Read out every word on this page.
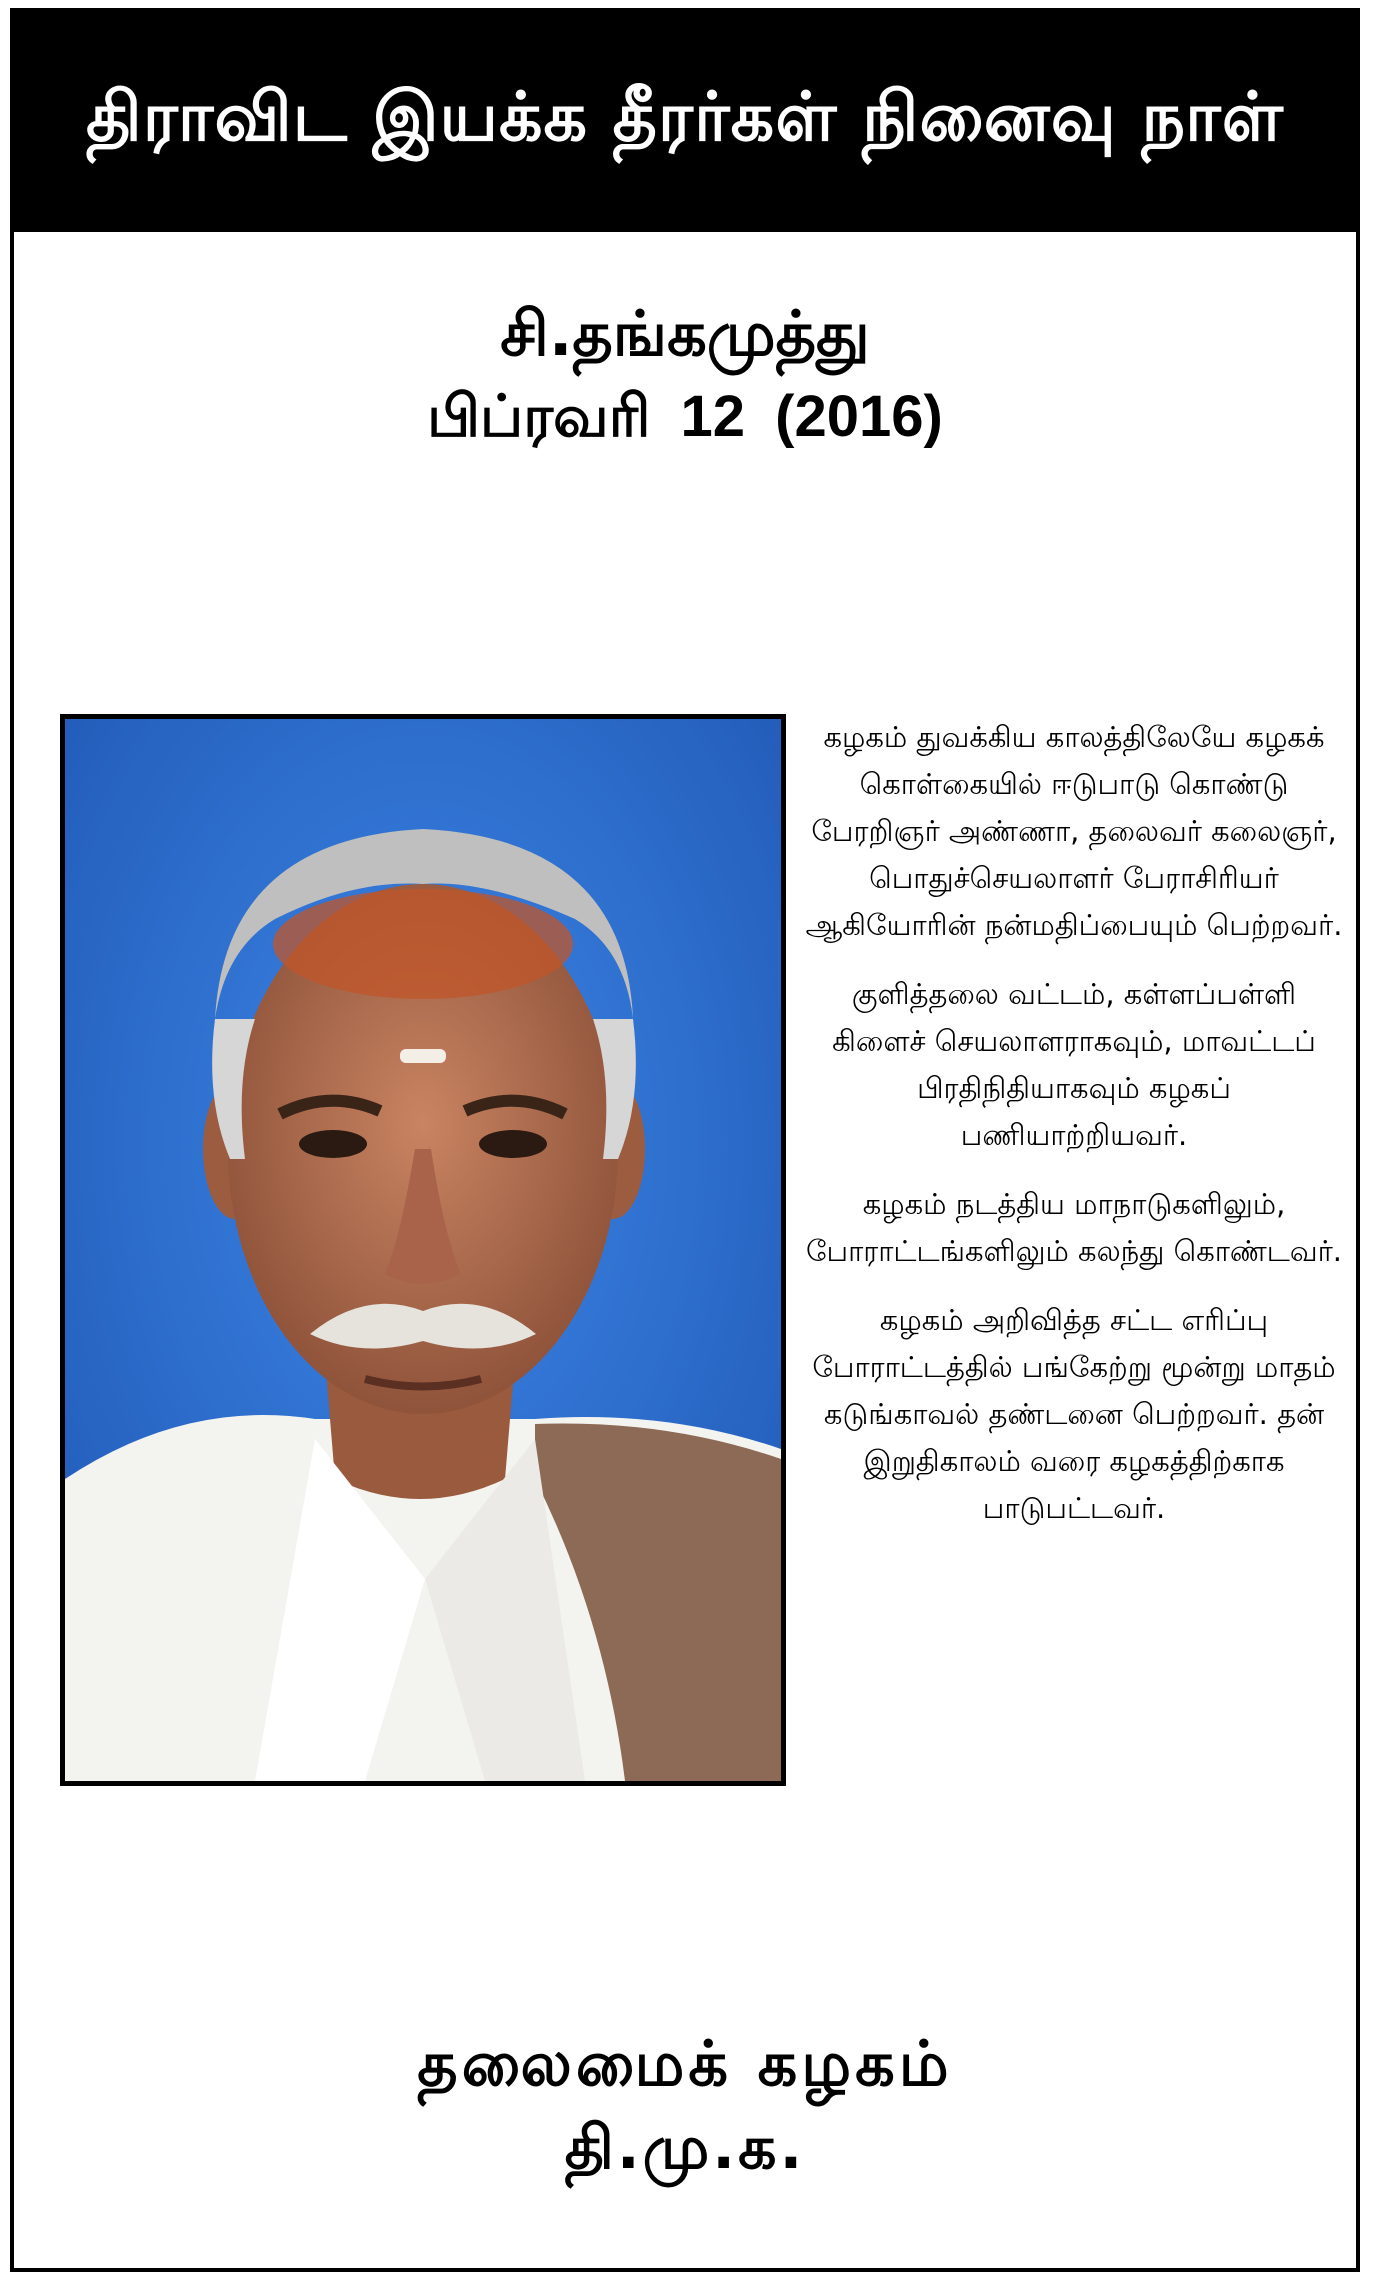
திராவிட இயக்க தீரர்கள் நினைவு நாள்
சி.தங்கமுத்து
பிப்ரவரி 12 (2016)

கழகம் துவக்கிய காலத்திலேயே கழகக் கொள்கையில் ஈடுபாடு கொண்டு பேரறிஞர் அண்ணா, தலைவர் கலைஞர், பொதுச்செயலாளர் பேராசிரியர் ஆகியோரின் நன்மதிப்பையும் பெற்றவர்.

குளித்தலை வட்டம், கள்ளப்பள்ளி கிளைச் செயலாளராகவும், மாவட்டப் பிரதிநிதியாகவும் கழகப் பணியாற்றியவர்.

கழகம் நடத்திய மாநாடுகளிலும், போராட்டங்களிலும் கலந்து கொண்டவர்.

கழகம் அறிவித்த சட்ட எரிப்பு போராட்டத்தில் பங்கேற்று மூன்று மாதம் கடுங்காவல் தண்டனை பெற்றவர். தன் இறுதிகாலம் வரை கழகத்திற்காக பாடுபட்டவர்.

தலைமைக் கழகம்
தி.மு.க.
